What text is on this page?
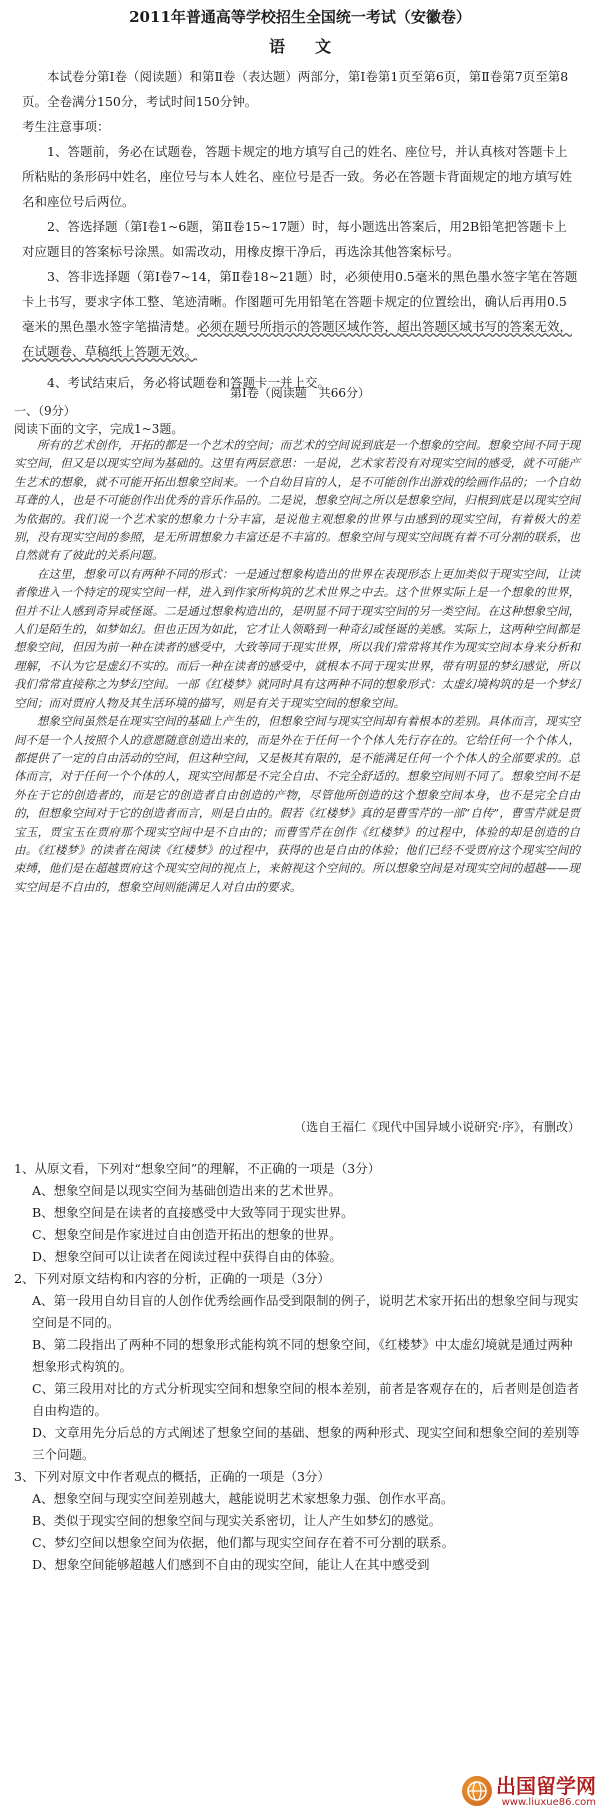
2011年普通高等学校招生全国统一考试（安徽卷）
语文

本试卷分第Ⅰ卷（阅读题）和第Ⅱ卷（表达题）两部分，第Ⅰ卷第1页至第6页，第Ⅱ卷第7页至第8页。全卷满分150分，考试时间150分钟。

考生注意事项：

1、答题前，务必在试题卷，答题卡规定的地方填写自己的姓名、座位号，并认真核对答题卡上所粘贴的条形码中姓名，座位号与本人姓名、座位号是否一致。务必在答题卡背面规定的地方填写姓名和座位号后两位。

2、答选择题（第Ⅰ卷1~6题，第Ⅱ卷15~17题）时，每小题选出答案后，用2B铅笔把答题卡上对应题目的答案标号涂黑。如需改动，用橡皮擦干净后，再选涂其他答案标号。

3、答非选择题（第Ⅰ卷7~14，第Ⅱ卷18~21题）时，必须使用0.5毫米的黑色墨水签字笔在答题卡上书写，要求字体工整、笔迹清晰。作图题可先用铅笔在答题卡规定的位置绘出，确认后再用0.5毫米的黑色墨水签字笔描清楚。必须在题号所指示的答题区域作答，超出答题区域书写的答案无效，在试题卷、草稿纸上答题无效。

4、考试结束后，务必将试题卷和答题卡一并上交。

第Ⅰ卷（阅读题　共66分）
一、（9分）
阅读下面的文字，完成1~3题。

所有的艺术创作，开拓的都是一个艺术的空间；而艺术的空间说到底是一个想象的空间。想象空间不同于现实空间，但又是以现实空间为基础的。这里有两层意思：一是说，艺术家若没有对现实空间的感受，就不可能产生艺术的想象，就不可能开拓出想象空间来。一个自幼目盲的人，是不可能创作出游戏的绘画作品的；一个自幼耳聋的人，也是不可能创作出优秀的音乐作品的。二是说，想象空间之所以是想象空间，归根到底是以现实空间为依据的。我们说一个艺术家的想象力十分丰富，是说他主观想象的世界与由感到的现实空间，有着极大的差别，没有现实空间的参照，是无所谓想象力丰富还是不丰富的。想象空间与现实空间既有着不可分割的联系，也自然就有了彼此的关系问题。

在这里，想象可以有两种不同的形式：一是通过想象构造出的世界在表现形态上更加类似于现实空间，让读者像进入一个特定的现实空间一样，进入到作家所构筑的艺术世界之中去。这个世界实际上是一个想象的世界，但并不让人感到奇异或怪诞。二是通过想象构造出的，是明显不同于现实空间的另一类空间。在这种想象空间，人们是陌生的，如梦如幻。但也正因为如此，它才让人领略到一种奇幻或怪诞的美感。实际上，这两种空间都是想象空间，但因为前一种在读者的感受中，大致等同于现实世界，所以我们常常将其作为现实空间本身来分析和理解，不认为它是虚幻不实的。而后一种在读者的感受中，就根本不同于现实世界，带有明显的梦幻感觉，所以我们常常直接称之为梦幻空间。一部《红楼梦》就同时具有这两种不同的想象形式：太虚幻境构筑的是一个梦幻空间；而对贾府人物及其生活环境的描写，则是有关于现实空间的想象空间。

想象空间虽然是在现实空间的基础上产生的，但想象空间与现实空间却有着根本的差别。具体而言，现实空间不是一个人按照个人的意愿随意创造出来的，而是外在于任何一个个体人先行存在的。它给任何一个个体人，都提供了一定的自由活动的空间，但这种空间，又是极其有限的，是不能满足任何一个个体人的全部要求的。总体而言，对于任何一个个体的人，现实空间都是不完全自由、不完全舒适的。想象空间则不同了。想象空间不是外在于它的创造者的，而是它的创造者自由创造的产物，尽管他所创造的这个想象空间本身，也不是完全自由的，但想象空间对于它的创造者而言，则是自由的。假若《红楼梦》真的是曹雪芹的一部“自传”，曹雪芹就是贾宝玉，贾宝玉在贾府那个现实空间中是不自由的；而曹雪芹在创作《红楼梦》的过程中，体验的却是创造的自由。《红楼梦》的读者在阅读《红楼梦》的过程中，获得的也是自由的体验；他们已经不受贾府这个现实空间的束缚，他们是在超越贾府这个现实空间的视点上，来俯视这个空间的。所以想象空间是对现实空间的超越——现实空间是不自由的，想象空间则能满足人对自由的要求。

（选自王福仁《现代中国异域小说研究·序》，有删改）

1、从原文看，下列对“想象空间”的理解，不正确的一项是（3分）

A、想象空间是以现实空间为基础创造出来的艺术世界。

B、想象空间是在读者的直接感受中大致等同于现实世界。

C、想象空间是作家进过自由创造开拓出的想象的世界。

D、想象空间可以让读者在阅读过程中获得自由的体验。

2、下列对原文结构和内容的分析，正确的一项是（3分）

A、第一段用自幼目盲的人创作优秀绘画作品受到限制的例子，说明艺术家开拓出的想象空间与现实空间是不同的。

B、第二段指出了两种不同的想象形式能构筑不同的想象空间，《红楼梦》中太虚幻境就是通过两种想象形式构筑的。

C、第三段用对比的方式分析现实空间和想象空间的根本差别，前者是客观存在的，后者则是创造者自由构造的。

D、文章用先分后总的方式阐述了想象空间的基础、想象的两种形式、现实空间和想象空间的差别等三个问题。

3、下列对原文中作者观点的概括，正确的一项是（3分）

A、想象空间与现实空间差别越大，越能说明艺术家想象力强、创作水平高。

B、类似于现实空间的想象空间与现实关系密切，让人产生如梦幻的感觉。

C、梦幻空间以想象空间为依据，他们都与现实空间存在着不可分割的联系。

D、想象空间能够超越人们感到不自由的现实空间，能让人在其中感受到

出国留学网
www.liuxue86.com
